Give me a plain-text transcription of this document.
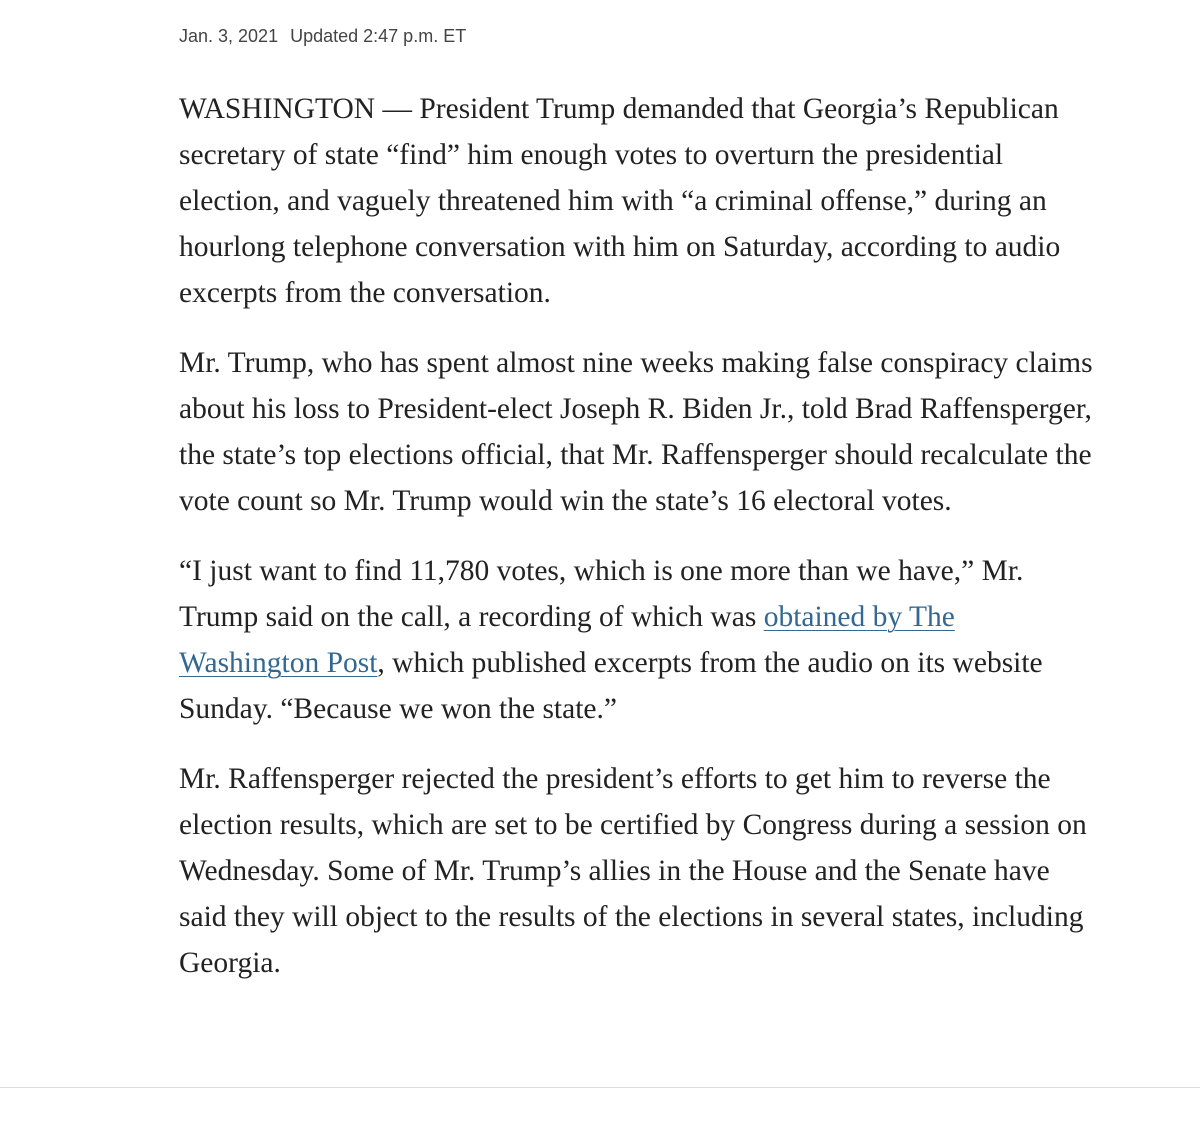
Jan. 3, 2021 Updated 2:47 p.m. ET

WASHINGTON — President Trump demanded that Georgia’s Republican secretary of state “find” him enough votes to overturn the presidential election, and vaguely threatened him with “a criminal offense,” during an hourlong telephone conversation with him on Saturday, according to audio excerpts from the conversation.

Mr. Trump, who has spent almost nine weeks making false conspiracy claims about his loss to President-elect Joseph R. Biden Jr., told Brad Raffensperger, the state’s top elections official, that Mr. Raffensperger should recalculate the vote count so Mr. Trump would win the state’s 16 electoral votes.

“I just want to find 11,780 votes, which is one more than we have,” Mr. Trump said on the call, a recording of which was obtained by The Washington Post, which published excerpts from the audio on its website Sunday. “Because we won the state.”

Mr. Raffensperger rejected the president’s efforts to get him to reverse the election results, which are set to be certified by Congress during a session on Wednesday. Some of Mr. Trump’s allies in the House and the Senate have said they will object to the results of the elections in several states, including Georgia.
